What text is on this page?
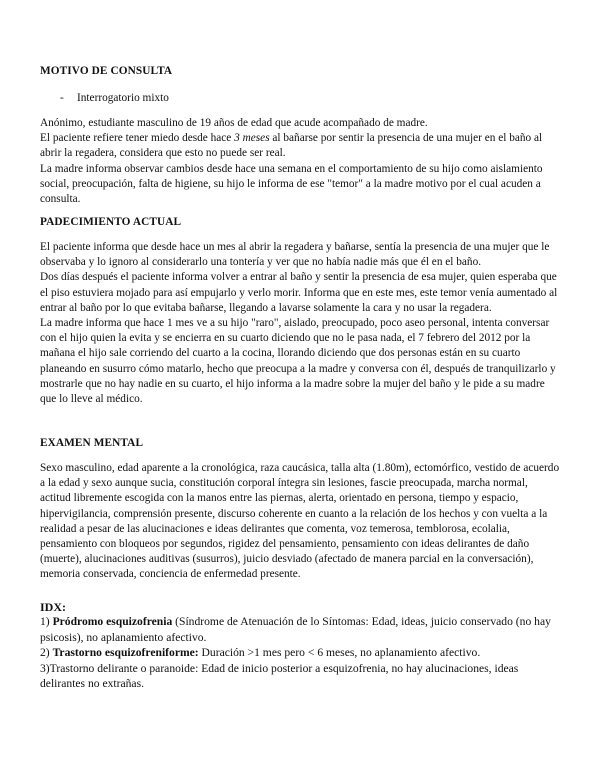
MOTIVO DE CONSULTA
- Interrogatorio mixto

Anónimo, estudiante masculino de 19 años de edad que acude acompañado de madre.

El paciente refiere tener miedo desde hace 3 meses al bañarse por sentir la presencia de una mujer en el baño al abrir la regadera, considera que esto no puede ser real.

La madre informa observar cambios desde hace una semana en el comportamiento de su hijo como aislamiento social, preocupación, falta de higiene, su hijo le informa de ese "temor" a la madre motivo por el cual acuden a consulta.

PADECIMIENTO ACTUAL

El paciente informa que desde hace un mes al abrir la regadera y bañarse, sentía la presencia de una mujer que le observaba y lo ignoro al considerarlo una tontería y ver que no había nadie más que él en el baño.

Dos días después el paciente informa volver a entrar al baño y sentir la presencia de esa mujer, quien esperaba que el piso estuviera mojado para así empujarlo y verlo morir. Informa que en este mes, este temor venía aumentado al entrar al baño por lo que evitaba bañarse, llegando a lavarse solamente la cara y no usar la regadera.

La madre informa que hace 1 mes ve a su hijo "raro", aislado, preocupado, poco aseo personal, intenta conversar con el hijo quien la evita y se encierra en su cuarto diciendo que no le pasa nada, el 7 febrero del 2012 por la mañana el hijo sale corriendo del cuarto a la cocina, llorando diciendo que dos personas están en su cuarto planeando en susurro cómo matarlo, hecho que preocupa a la madre y conversa con él, después de tranquilizarlo y mostrarle que no hay nadie en su cuarto, el hijo informa a la madre sobre la mujer del baño y le pide a su madre que lo lleve al médico.

EXAMEN MENTAL

Sexo masculino, edad aparente a la cronológica, raza caucásica, talla alta (1.80m), ectomórfico, vestido de acuerdo a la edad y sexo aunque sucia, constitución corporal íntegra sin lesiones, fascie preocupada, marcha normal, actitud libremente escogida con la manos entre las piernas, alerta, orientado en persona, tiempo y espacio, hipervigilancia, comprensión presente, discurso coherente en cuanto a la relación de los hechos y con vuelta a la realidad a pesar de las alucinaciones e ideas delirantes que comenta, voz temerosa, temblorosa, ecolalia, pensamiento con bloqueos por segundos, rigidez del pensamiento, pensamiento con ideas delirantes de daño (muerte), alucinaciones auditivas (susurros), juicio desviado (afectado de manera parcial en la conversación), memoria conservada, conciencia de enfermedad presente.

IDX:

1) Pródromo esquizofrenia (Síndrome de Atenuación de lo Síntomas: Edad, ideas, juicio conservado (no hay psicosis), no aplanamiento afectivo.

2) Trastorno esquizofreniforme: Duración >1 mes pero < 6 meses, no aplanamiento afectivo.

3)Trastorno delirante o paranoide: Edad de inicio posterior a esquizofrenia, no hay alucinaciones, ideas delirantes no extrañas.
